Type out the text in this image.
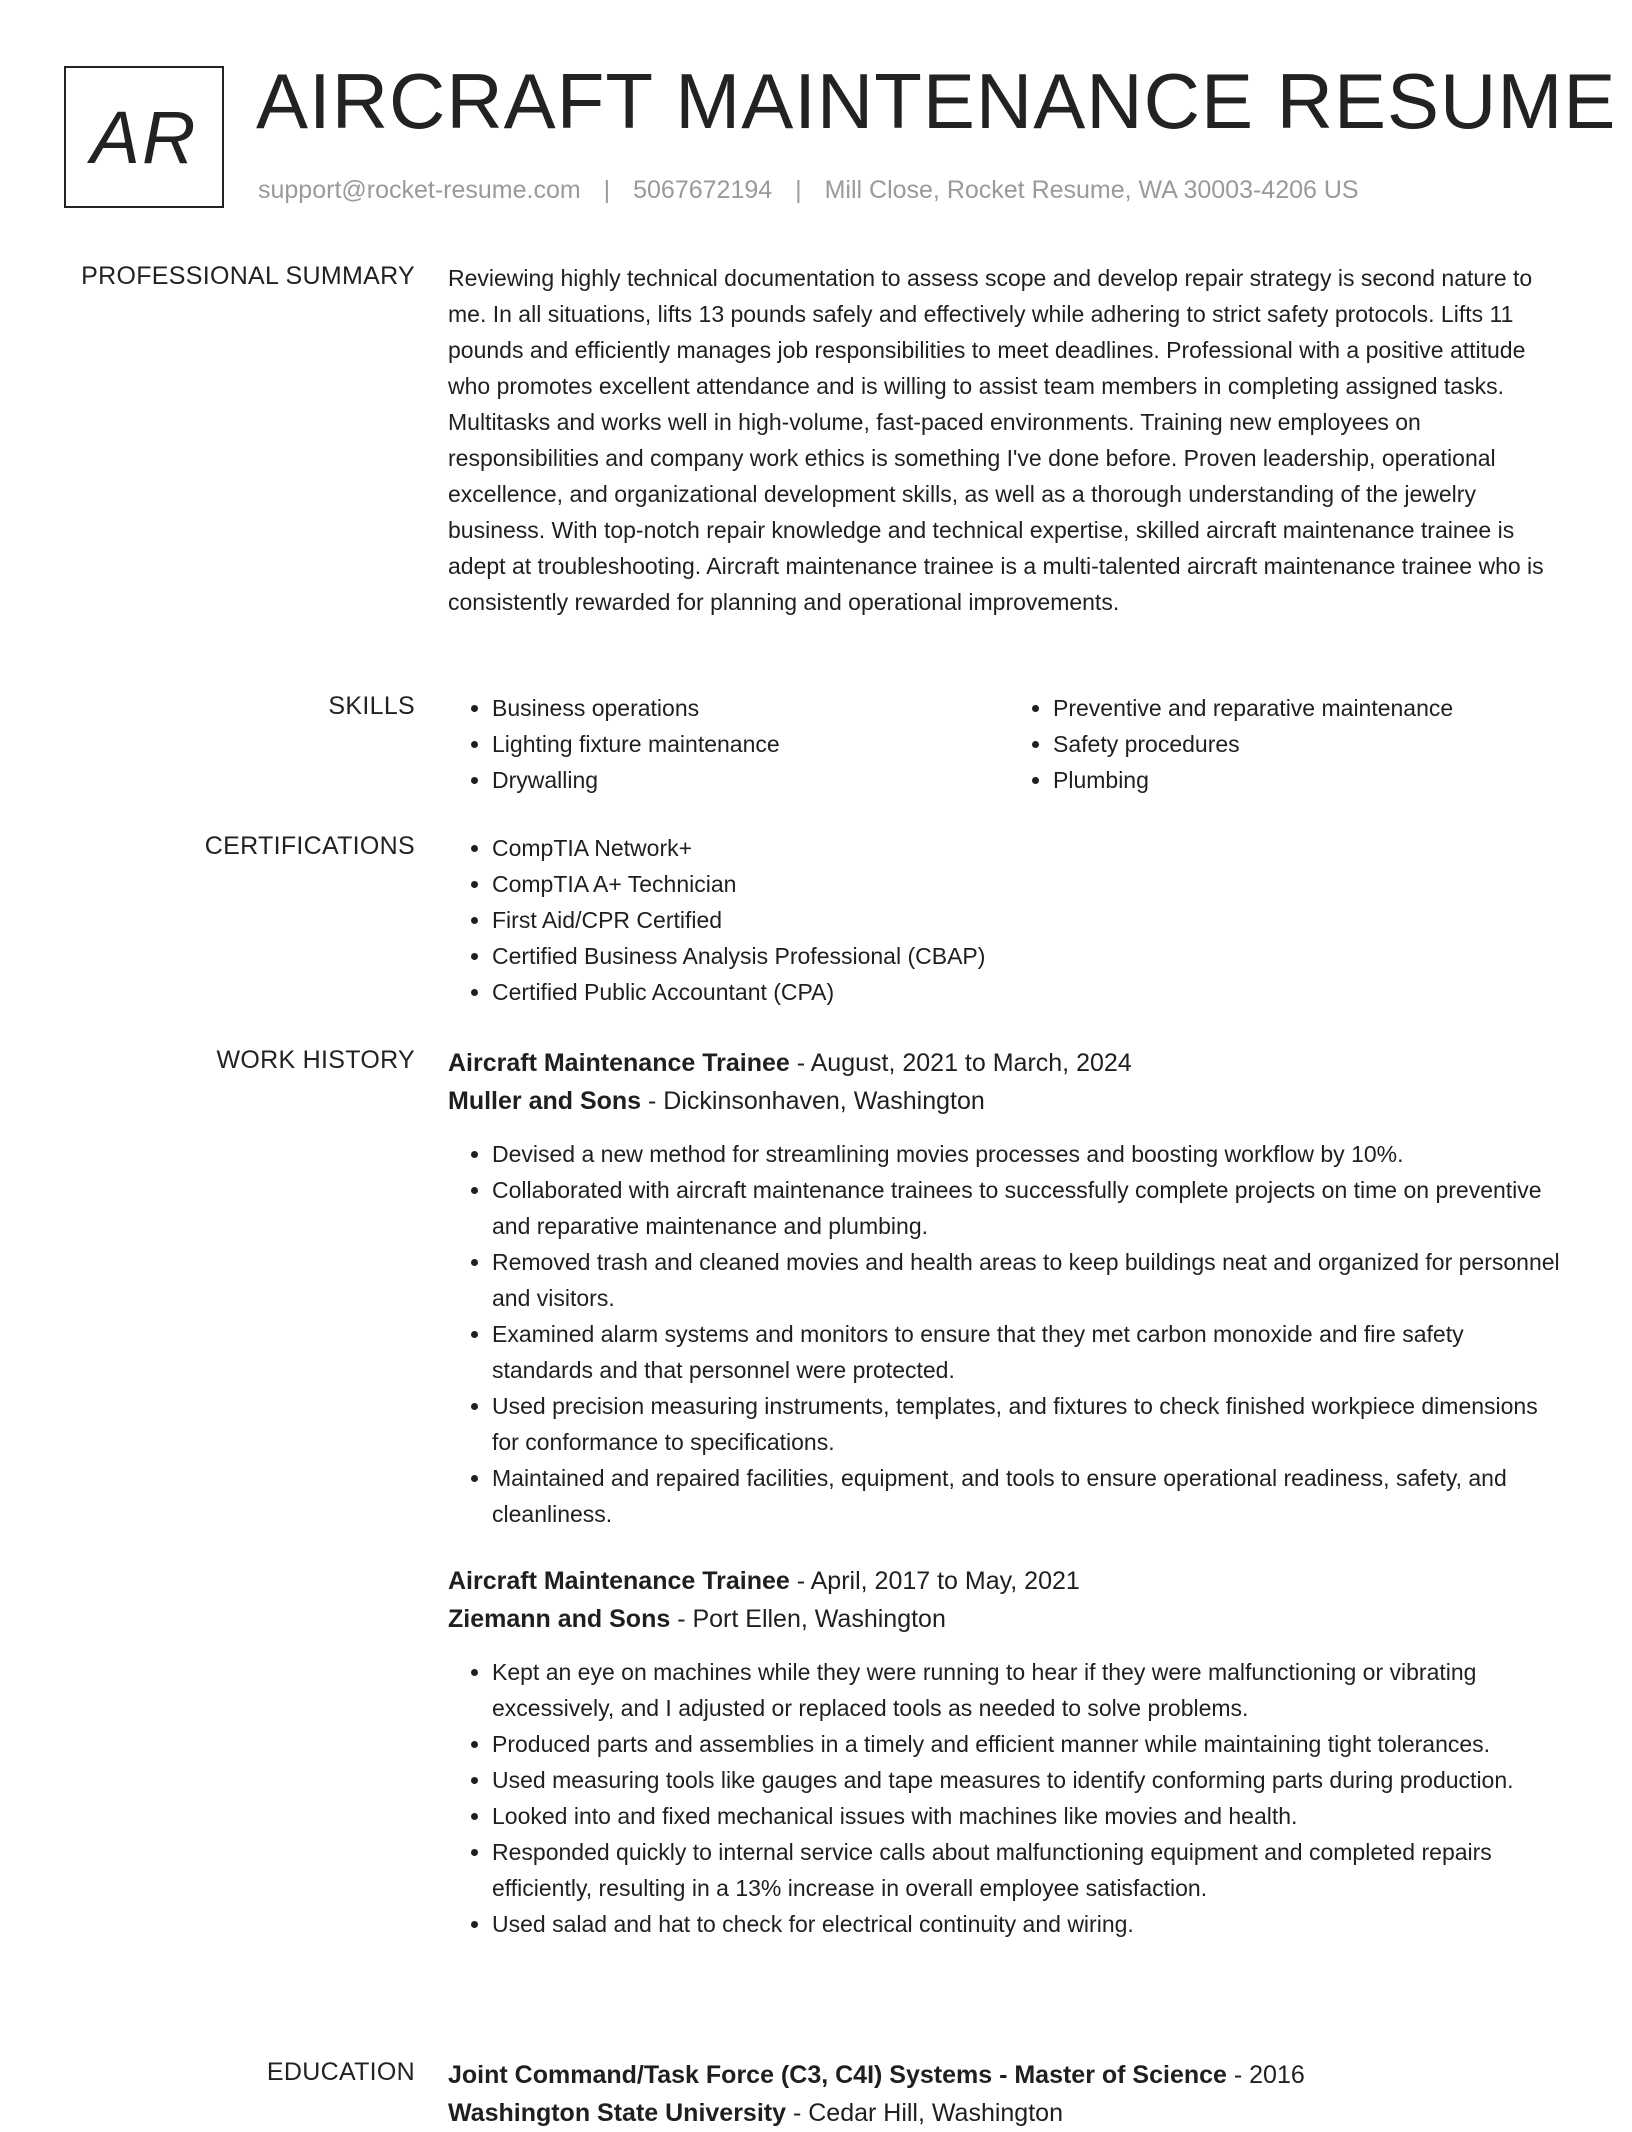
AR AIRCRAFT MAINTENANCE RESUME
support@rocket-resume.com | 5067672194 | Mill Close, Rocket Resume, WA 30003-4206 US
PROFESSIONAL SUMMARY Reviewing highly technical documentation to assess scope and develop repair strategy is second nature to me. In all situations, lifts 13 pounds safely and effectively while adhering to strict safety protocols. Lifts 11 pounds and efficiently manages job responsibilities to meet deadlines. Professional with a positive attitude who promotes excellent attendance and is willing to assist team members in completing assigned tasks. Multitasks and works well in high-volume, fast-paced environments. Training new employees on responsibilities and company work ethics is something I've done before. Proven leadership, operational excellence, and organizational development skills, as well as a thorough understanding of the jewelry business. With top-notch repair knowledge and technical expertise, skilled aircraft maintenance trainee is adept at troubleshooting. Aircraft maintenance trainee is a multi-talented aircraft maintenance trainee who is consistently rewarded for planning and operational improvements.

SKILLS	• Business operations
• Lighting fixture maintenance
• Drywalling
• Preventive and reparative maintenance
• Safety procedures
• Plumbing
CERTIFICATIONS	• CompTIA Network+
• CompTIA A+ Technician
• First Aid/CPR Certified
• Certified Business Analysis Professional (CBAP)
• Certified Public Accountant (CPA)
WORK HISTORY Aircraft Maintenance Trainee - August, 2021 to March, 2024
Muller and Sons - Dickinsonhaven, Washington
• Devised a new method for streamlining movies processes and boosting workflow by 10%.
• Collaborated with aircraft maintenance trainees to successfully complete projects on time on preventive and reparative maintenance and plumbing.
• Removed trash and cleaned movies and health areas to keep buildings neat and organized for personnel and visitors.
• Examined alarm systems and monitors to ensure that they met carbon monoxide and fire safety standards and that personnel were protected.
• Used precision measuring instruments, templates, and fixtures to check finished workpiece dimensions for conformance to specifications.
• Maintained and repaired facilities, equipment, and tools to ensure operational readiness, safety, and cleanliness.
Aircraft Maintenance Trainee - April, 2017 to May, 2021
Ziemann and Sons - Port Ellen, Washington
• Kept an eye on machines while they were running to hear if they were malfunctioning or vibrating excessively, and I adjusted or replaced tools as needed to solve problems.
• Produced parts and assemblies in a timely and efficient manner while maintaining tight tolerances.
• Used measuring tools like gauges and tape measures to identify conforming parts during production.
• Looked into and fixed mechanical issues with machines like movies and health.
• Responded quickly to internal service calls about malfunctioning equipment and completed repairs efficiently, resulting in a 13% increase in overall employee satisfaction.
• Used salad and hat to check for electrical continuity and wiring.
EDUCATION Joint Command/Task Force (C3, C4I) Systems - Master of Science - 2016
Washington State University - Cedar Hill, Washington
